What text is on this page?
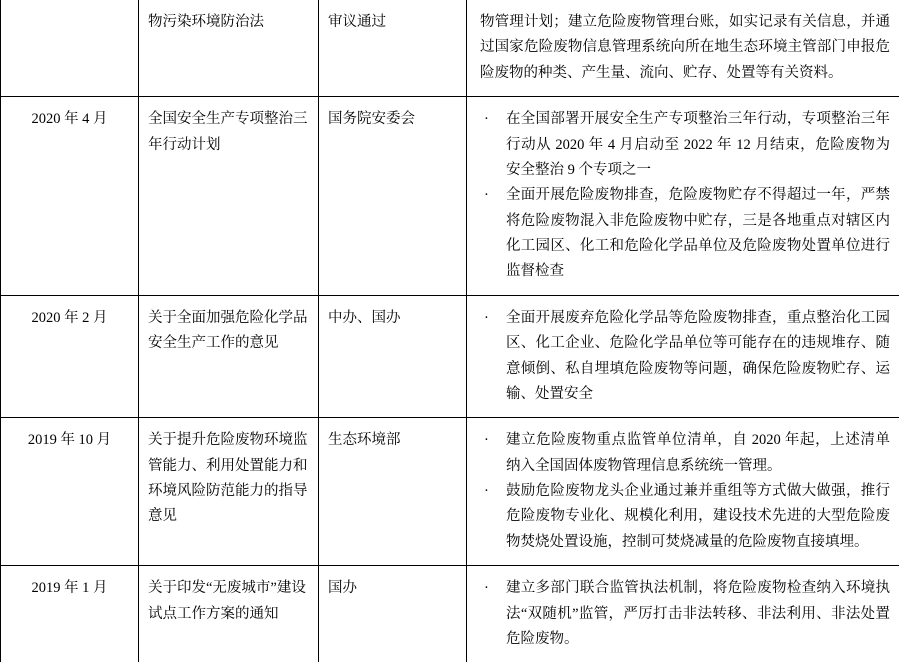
	物污染环境防治法	审议通过	物管理计划；建立危险废物管理台账，如实记录有关信息，并通过国家危险废物信息管理系统向所在地生态环境主管部门申报危险废物的种类、产生量、流向、贮存、处置等有关资料。

2020 年 4 月	全国安全生产专项整治三年行动计划	国务院安委会	· 在全国部署开展安全生产专项整治三年行动，专项整治三年行动从 2020 年 4 月启动至 2022 年 12 月结束，危险废物为安全整治 9 个专项之一
· 全面开展危险废物排查，危险废物贮存不得超过一年，严禁将危险废物混入非危险废物中贮存，三是各地重点对辖区内化工园区、化工和危险化学品单位及危险废物处置单位进行监督检查

2020 年 2 月	关于全面加强危险化学品安全生产工作的意见	中办、国办	· 全面开展废弃危险化学品等危险废物排查，重点整治化工园区、化工企业、危险化学品单位等可能存在的违规堆存、随意倾倒、私自埋填危险废物等问题，确保危险废物贮存、运输、处置安全

2019 年 10 月	关于提升危险废物环境监管能力、利用处置能力和环境风险防范能力的指导意见	生态环境部	· 建立危险废物重点监管单位清单，自 2020 年起，上述清单纳入全国固体废物管理信息系统统一管理。
· 鼓励危险废物龙头企业通过兼并重组等方式做大做强，推行危险废物专业化、规模化利用，建设技术先进的大型危险废物焚烧处置设施，控制可焚烧减量的危险废物直接填埋。

2019 年 1 月	关于印发“无废城市”建设试点工作方案的通知	国办	· 建立多部门联合监管执法机制，将危险废物检查纳入环境执法“双随机”监管，严厉打击非法转移、非法利用、非法处置危险废物。
